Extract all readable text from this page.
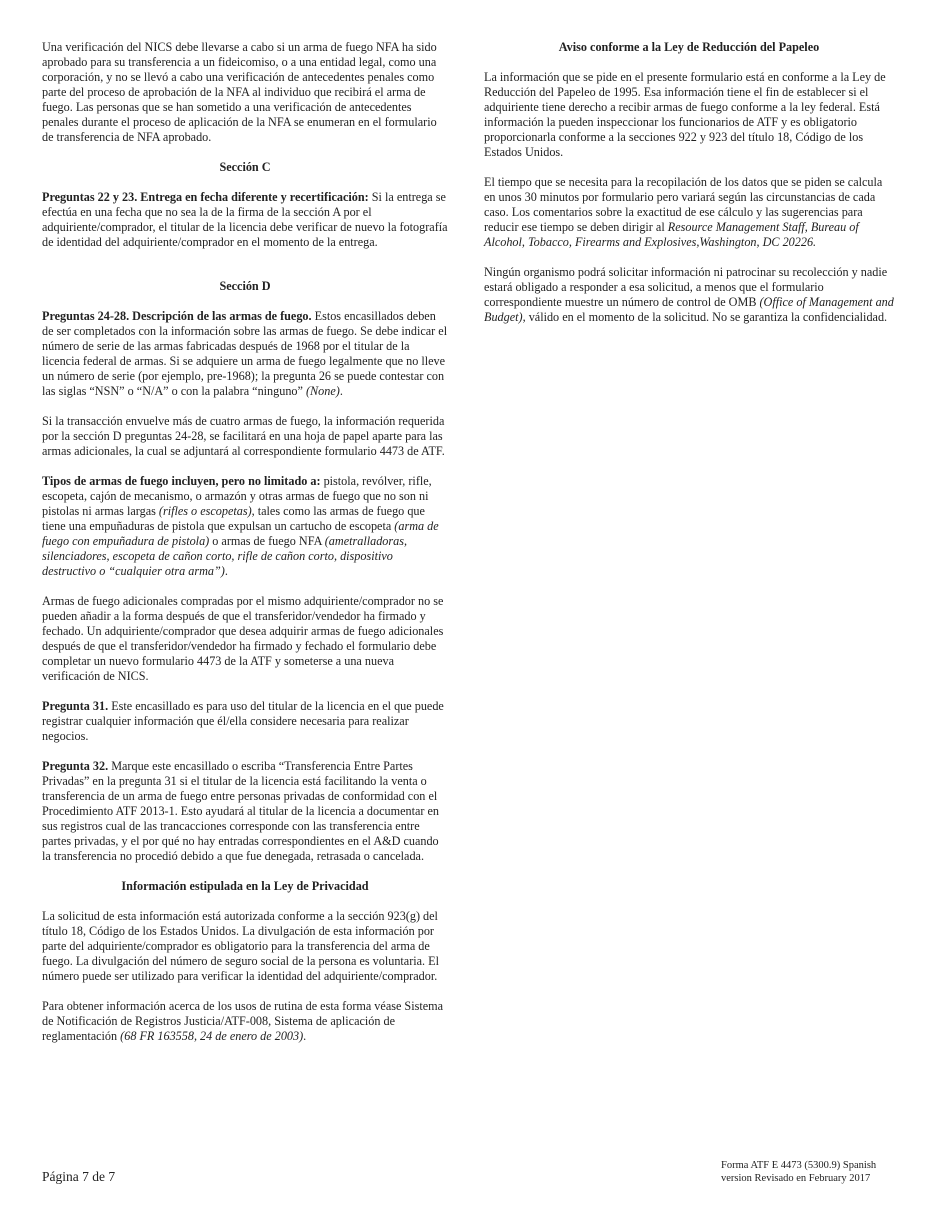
Una verificación del NICS debe llevarse a cabo si un arma de fuego NFA ha sido aprobado para su transferencia a un fideicomiso, o a una entidad legal, como una corporación, y no se llevó a cabo una verificación de antecedentes penales como parte del proceso de aprobación de la NFA al individuo que recibirá el arma de fuego. Las personas que se han sometido a una verificación de antecedentes penales durante el proceso de aplicación de la NFA se enumeran en el formulario de transferencia de NFA aprobado.

Sección C

Preguntas 22 y 23. Entrega en fecha diferente y recertificación: Si la entrega se efectúa en una fecha que no sea la de la firma de la sección A por el adquiriente/comprador, el titular de la licencia debe verificar de nuevo la fotografía de identidad del adquiriente/comprador en el momento de la entrega.

Sección D

Preguntas 24-28. Descripción de las armas de fuego. Estos encasillados deben de ser completados con la información sobre las armas de fuego. Se debe indicar el número de serie de las armas fabricadas después de 1968 por el titular de la licencia federal de armas. Si se adquiere un arma de fuego legalmente que no lleve un número de serie (por ejemplo, pre-1968); la pregunta 26 se puede contestar con las siglas “NSN” o “N/A” o con la palabra “ninguno” (None).

Si la transacción envuelve más de cuatro armas de fuego, la información requerida por la sección D preguntas 24-28, se facilitará en una hoja de papel aparte para las armas adicionales, la cual se adjuntará al correspondiente formulario 4473 de ATF.

Tipos de armas de fuego incluyen, pero no limitado a: pistola, revólver, rifle, escopeta, cajón de mecanismo, o armazón y otras armas de fuego que no son ni pistolas ni armas largas (rifles o escopetas), tales como las armas de fuego que tiene una empuñaduras de pistola que expulsan un cartucho de escopeta (arma de fuego con empuñadura de pistola) o armas de fuego NFA (ametralladoras, silenciadores, escopeta de cañon corto, rifle de cañon corto, dispositivo destructivo o “cualquier otra arma”).

Armas de fuego adicionales compradas por el mismo adquiriente/comprador no se pueden añadir a la forma después de que el transferidor/vendedor ha firmado y fechado. Un adquiriente/comprador que desea adquirir armas de fuego adicionales después de que el transferidor/vendedor ha firmado y fechado el formulario debe completar un nuevo formulario 4473 de la ATF y someterse a una nueva verificación de NICS.

Pregunta 31. Este encasillado es para uso del titular de la licencia en el que puede registrar cualquier información que él/ella considere necesaria para realizar negocios.

Pregunta 32. Marque este encasillado o escriba “Transferencia Entre Partes Privadas” en la pregunta 31 si el titular de la licencia está facilitando la venta o transferencia de un arma de fuego entre personas privadas de conformidad con el Procedimiento ATF 2013-1. Esto ayudará al titular de la licencia a documentar en sus registros cual de las trancacciones corresponde con las transferencia entre partes privadas, y el por qué no hay entradas correspondientes en el A&D cuando la transferencia no procedió debido a que fue denegada, retrasada o cancelada.

Información estipulada en la Ley de Privacidad

La solicitud de esta información está autorizada conforme a la sección 923(g) del título 18, Código de los Estados Unidos. La divulgación de esta información por parte del adquiriente/comprador es obligatorio para la transferencia del arma de fuego. La divulgación del número de seguro social de la persona es voluntaria. El número puede ser utilizado para verificar la identidad del adquiriente/comprador.

Para obtener información acerca de los usos de rutina de esta forma véase Sistema de Notificación de Registros Justicia/ATF-008, Sistema de aplicación de reglamentación (68 FR 163558, 24 de enero de 2003).

Aviso conforme a la Ley de Reducción del Papeleo

La información que se pide en el presente formulario está en conforme a la Ley de Reducción del Papeleo de 1995. Esa información tiene el fin de establecer si el adquiriente tiene derecho a recibir armas de fuego conforme a la ley federal. Está información la pueden inspeccionar los funcionarios de ATF y es obligatorio proporcionarla conforme a la secciones 922 y 923 del título 18, Código de los Estados Unidos.

El tiempo que se necesita para la recopilación de los datos que se piden se calcula en unos 30 minutos por formulario pero variará según las circunstancias de cada caso. Los comentarios sobre la exactitud de ese cálculo y las sugerencias para reducir ese tiempo se deben dirigir al Resource Management Staff, Bureau of Alcohol, Tobacco, Firearms and Explosives,Washington, DC 20226.

Ningún organismo podrá solicitar información ni patrocinar su recolección y nadie estará obligado a responder a esa solicitud, a menos que el formulario correspondiente muestre un número de control de OMB (Office of Management and Budget), válido en el momento de la solicitud. No se garantiza la confidencialidad.

Página 7 de 7
Forma ATF E 4473 (5300.9) Spanish
version Revisado en February 2017
